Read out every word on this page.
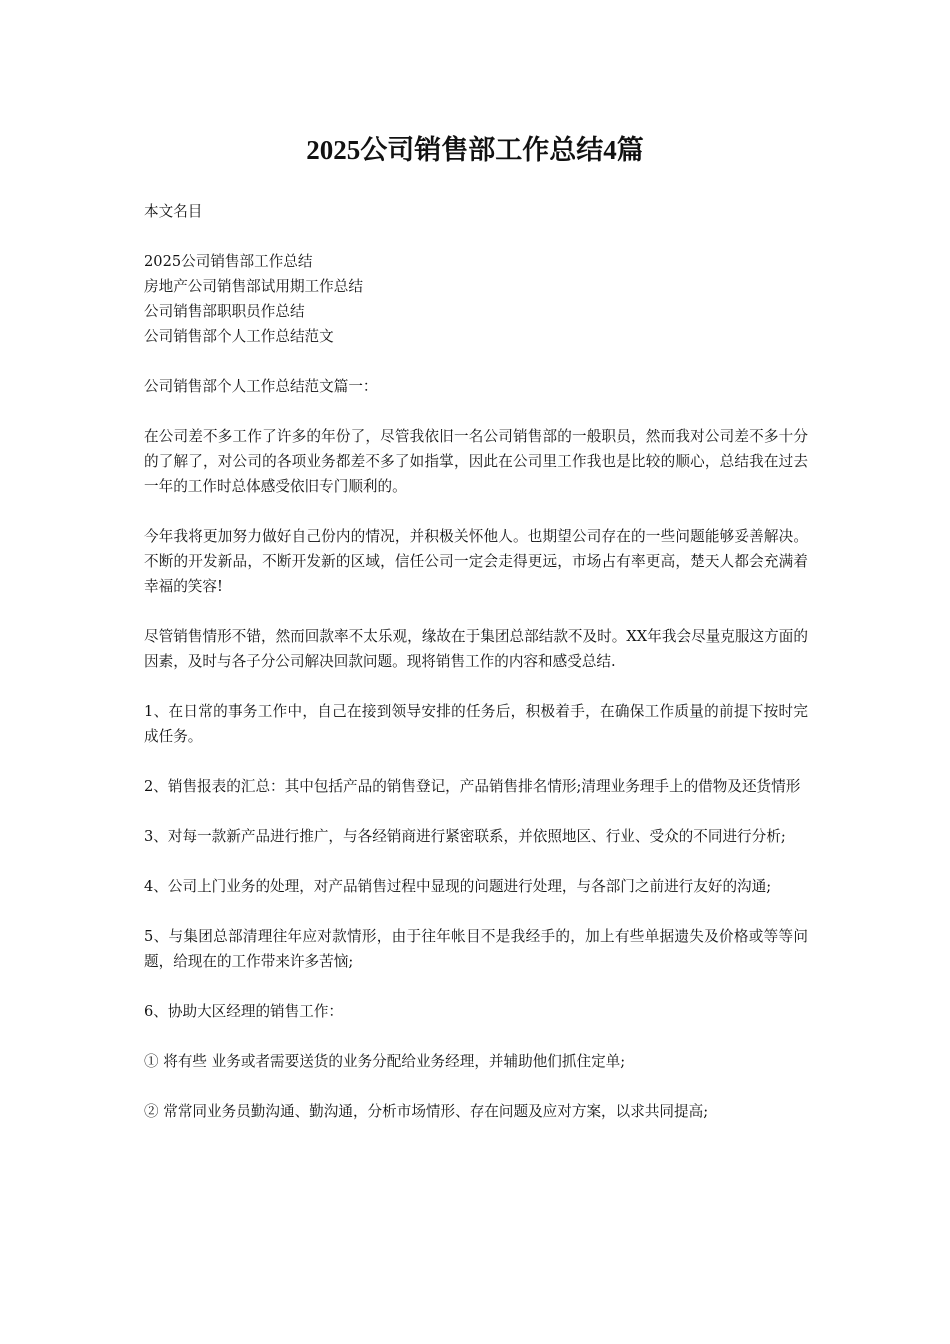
2025公司销售部工作总结4篇

本文名目

2025公司销售部工作总结
房地产公司销售部试用期工作总结
公司销售部职职员作总结
公司销售部个人工作总结范文

公司销售部个人工作总结范文篇一：

在公司差不多工作了许多的年份了，尽管我依旧一名公司销售部的一般职员，然而我对公司差不多十分的了解了，对公司的各项业务都差不多了如指掌，因此在公司里工作我也是比较的顺心，总结我在过去一年的工作时总体感受依旧专门顺利的。

今年我将更加努力做好自己份内的情况，并积极关怀他人。也期望公司存在的一些问题能够妥善解决。不断的开发新品，不断开发新的区域，信任公司一定会走得更远，市场占有率更高，楚天人都会充满着幸福的笑容!

尽管销售情形不错，然而回款率不太乐观，缘故在于集团总部结款不及时。XX年我会尽量克服这方面的因素，及时与各子分公司解决回款问题。现将销售工作的内容和感受总结.

1、在日常的事务工作中，自己在接到领导安排的任务后，积极着手，在确保工作质量的前提下按时完成任务。

2、销售报表的汇总：其中包括产品的销售登记，产品销售排名情形;清理业务理手上的借物及还货情形

3、对每一款新产品进行推广，与各经销商进行紧密联系，并依照地区、行业、受众的不同进行分析;

4、公司上门业务的处理，对产品销售过程中显现的问题进行处理，与各部门之前进行友好的沟通;

5、与集团总部清理往年应对款情形，由于往年帐目不是我经手的，加上有些单据遗失及价格或等等问题，给现在的工作带来许多苦恼;

6、协助大区经理的销售工作：

① 将有些 业务或者需要送货的业务分配给业务经理，并辅助他们抓住定单;

② 常常同业务员勤沟通、勤沟通，分析市场情形、存在问题及应对方案，以求共同提高;
